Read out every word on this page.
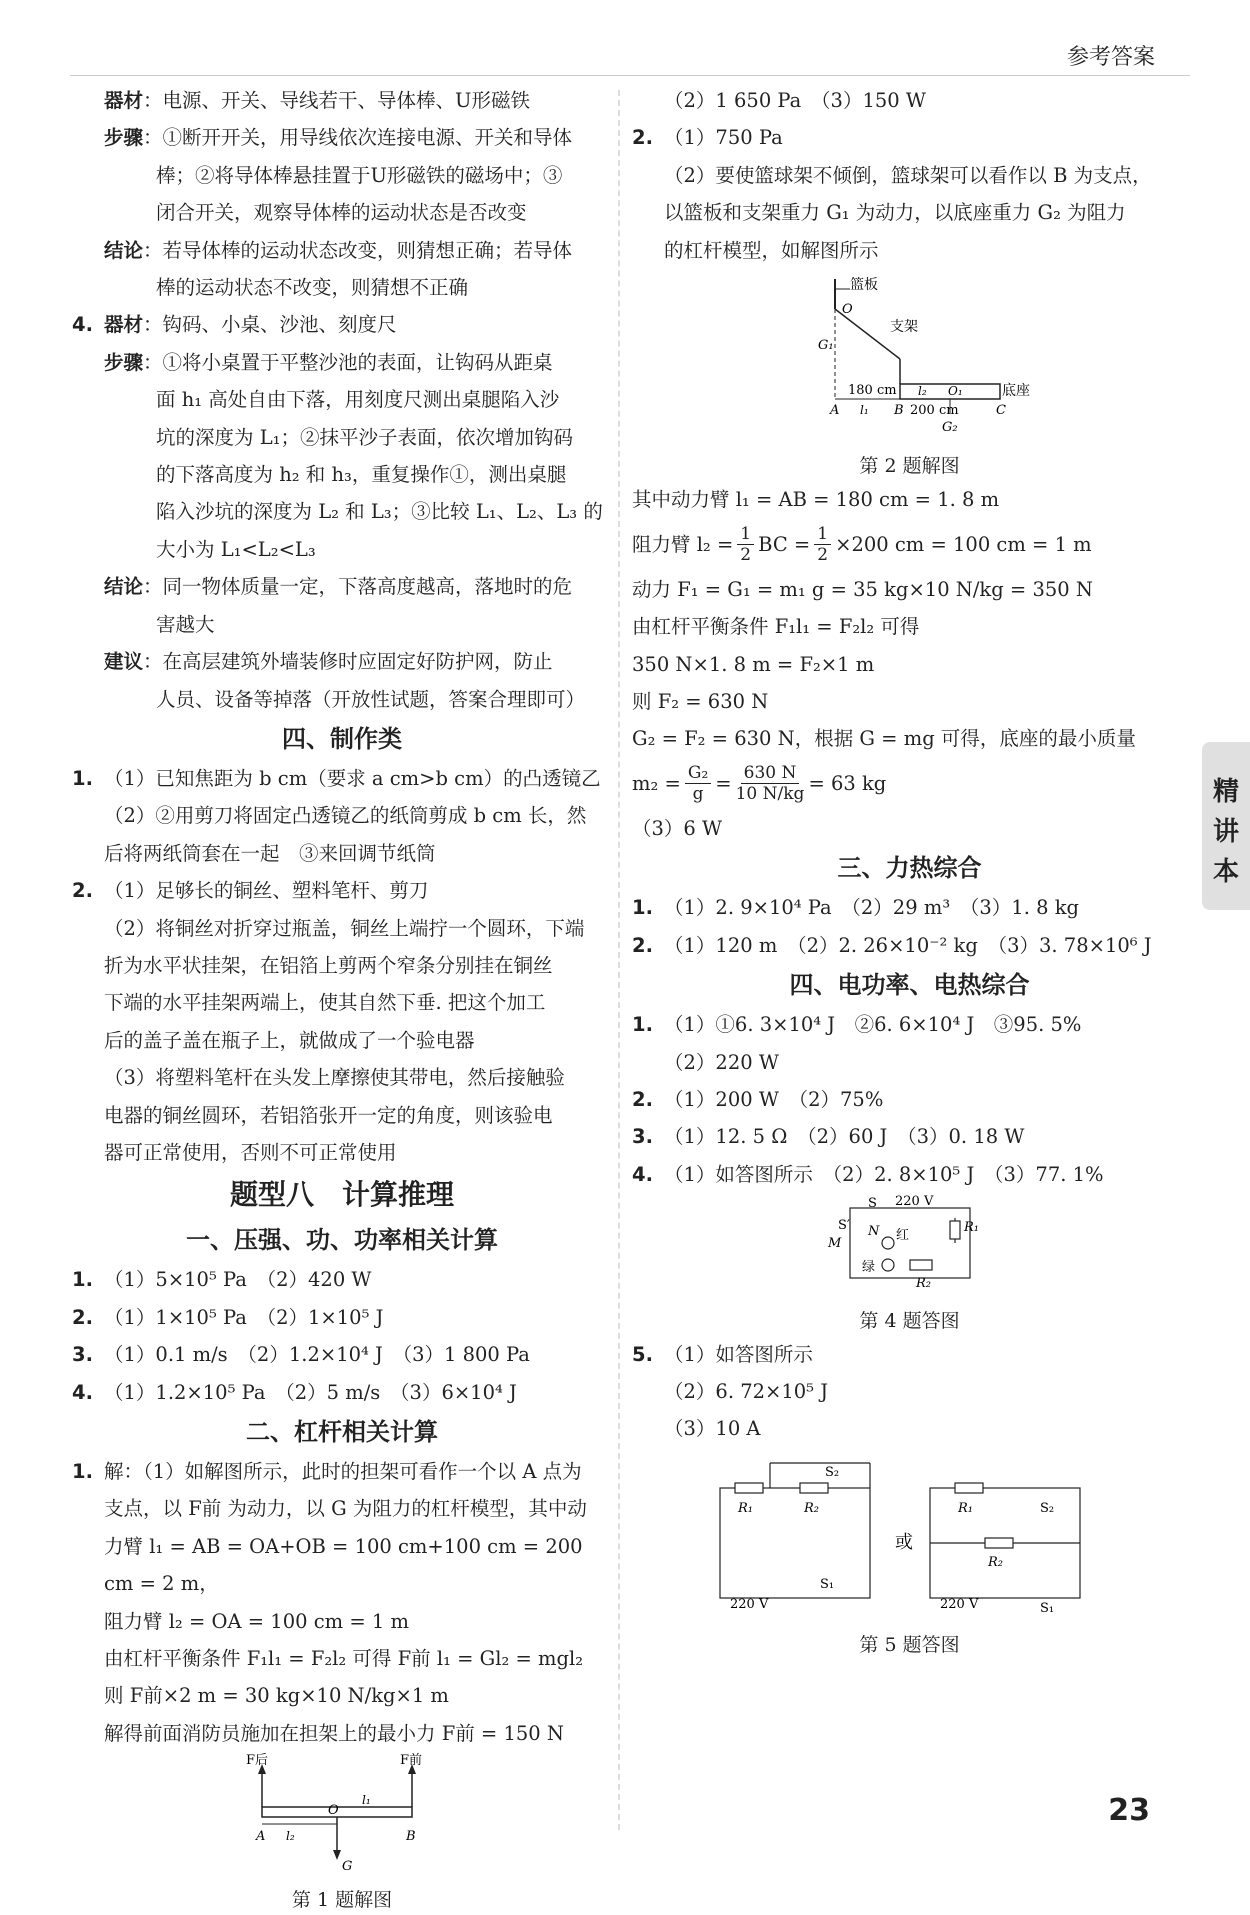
参考答案
器材：电源、开关、导线若干、导体棒、U形磁铁
步骤：①断开开关，用导线依次连接电源、开关和导体
棒；②将导体棒悬挂置于U形磁铁的磁场中；③
闭合开关，观察导体棒的运动状态是否改变
结论：若导体棒的运动状态改变，则猜想正确；若导体
棒的运动状态不改变，则猜想不正确
4. 器材：钩码、小桌、沙池、刻度尺
步骤：①将小桌置于平整沙池的表面，让钩码从距桌
面 h₁ 高处自由下落，用刻度尺测出桌腿陷入沙
坑的深度为 L₁；②抹平沙子表面，依次增加钩码
的下落高度为 h₂ 和 h₃，重复操作①，测出桌腿
陷入沙坑的深度为 L₂ 和 L₃；③比较 L₁、L₂、L₃ 的
大小为 L₁<L₂<L₃
结论：同一物体质量一定，下落高度越高，落地时的危
害越大
建议：在高层建筑外墙装修时应固定好防护网，防止
人员、设备等掉落（开放性试题，答案合理即可）
四、制作类
1. （1）已知焦距为 b cm（要求 a cm>b cm）的凸透镜乙
（2）②用剪刀将固定凸透镜乙的纸筒剪成 b cm 长，然
后将两纸筒套在一起　③来回调节纸筒
2. （1）足够长的铜丝、塑料笔杆、剪刀
（2）将铜丝对折穿过瓶盖，铜丝上端拧一个圆环，下端
折为水平状挂架，在铝箔上剪两个窄条分别挂在铜丝
下端的水平挂架两端上，使其自然下垂. 把这个加工
后的盖子盖在瓶子上，就做成了一个验电器
（3）将塑料笔杆在头发上摩擦使其带电，然后接触验
电器的铜丝圆环，若铝箔张开一定的角度，则该验电
器可正常使用，否则不可正常使用
题型八　计算推理
一、压强、功、功率相关计算
1. （1）5×10⁵ Pa　（2）420 W
2. （1）1×10⁵ Pa　（2）1×10⁵ J
3. （1）0.1 m/s　（2）1.2×10⁴ J　（3）1 800 Pa
4. （1）1.2×10⁵ Pa　（2）5 m/s　（3）6×10⁴ J
二、杠杆相关计算
1. 解：（1）如解图所示，此时的担架可看作一个以 A 点为
支点，以 F前 为动力，以 G 为阻力的杠杆模型，其中动
力臂 l₁ = AB = OA+OB = 100 cm+100 cm = 200 cm = 2 m，
阻力臂 l₂ = OA = 100 cm = 1 m
由杠杆平衡条件 F₁l₁ = F₂l₂ 可得 F前 l₁ = Gl₂ = mgl₂
则 F前×2 m = 30 kg×10 N/kg×1 m
解得前面消防员施加在担架上的最小力 F前 = 150 N
F后	F前
A
O
B
G
l₂
l₁
第 1 题解图
（2）1 650 Pa　（3）150 W
2. （1）750 Pa
（2）要使篮球架不倾倒，篮球架可以看作以 B 为支点，
以篮板和支架重力 G₁ 为动力，以底座重力 G₂ 为阻力
的杠杆模型，如解图所示
篮板
O
支架
G₁
180 cm l₂ O₁	底座
A l₁ B 200 cm	C
G₂
第 2 题解图
其中动力臂 l₁ = AB = 180 cm = 1. 8 m
阻力臂 $l_2 = \frac{1}{2}$ BC = $\frac{1}{2} \times 200$ cm = 100 cm = 1 m
动力 F₁ = G₁ = m₁ g = 35 kg×10 N/kg = 350 N
由杠杆平衡条件 F₁l₁ = F₂l₂ 可得
350 N×1. 8 m = F₂×1 m
则 F₂ = 630 N
G₂ = F₂ = 630 N，根据 G = mg 可得，底座的最小质量
$m_2 = \frac{\text{G₂}}{g} = \frac{630 N}{10 N/kg} = 63$ kg
（3）6 W
三、力热综合
1. （1）2. 9×10⁴ Pa　（2）29 m³　（3）1. 8 kg
2. （1）120 m　（2）2. 26×10⁻² kg　（3）3. 78×10⁶ J
四、电功率、电热综合
1. （1）①6. 3×10⁴ J　②6. 6×10⁴ J　③95. 5%
（2）220 W
2. （1）200 W　（2）75%
3. （1）12. 5 Ω　（2）60 J　（3）0. 18 W
4. （1）如答图所示　（2）2. 8×10⁵ J　（3）77. 1%
S 220 V
R₁
S′
M
N 红
绿
R₂
第 4 题答图
5. （1）如答图所示
（2）6. 72×10⁵ J
（3）10 A
S₂
R₁	R₂
S₁
220 V
或
R₁	S₂
R₂
220 V	S₁
第 5 题答图
精讲本
23
